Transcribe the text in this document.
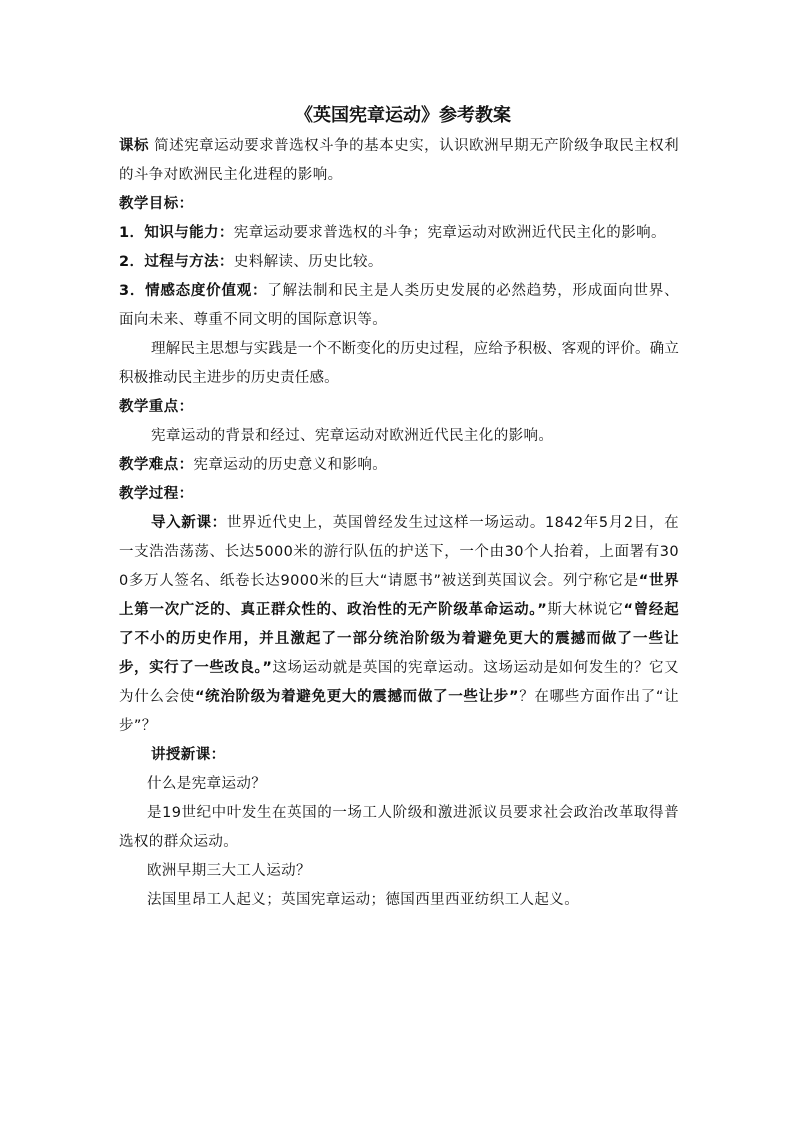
《英国宪章运动》参考教案

课标 简述宪章运动要求普选权斗争的基本史实，认识欧洲早期无产阶级争取民主权利的斗争对欧洲民主化进程的影响。

教学目标：

1．知识与能力：宪章运动要求普选权的斗争；宪章运动对欧洲近代民主化的影响。

2．过程与方法：史料解读、历史比较。

3．情感态度价值观：了解法制和民主是人类历史发展的必然趋势，形成面向世界、面向未来、尊重不同文明的国际意识等。

理解民主思想与实践是一个不断变化的历史过程，应给予积极、客观的评价。确立积极推动民主进步的历史责任感。

教学重点：

宪章运动的背景和经过、宪章运动对欧洲近代民主化的影响。

教学难点：宪章运动的历史意义和影响。

教学过程：

导入新课：世界近代史上，英国曾经发生过这样一场运动。1842年5月2日，在一支浩浩荡荡、长达5000米的游行队伍的护送下，一个由30个人抬着，上面署有300多万人签名、纸卷长达9000米的巨大“请愿书”被送到英国议会。列宁称它是“世界上第一次广泛的、真正群众性的、政治性的无产阶级革命运动。”斯大林说它“曾经起了不小的历史作用，并且激起了一部分统治阶级为着避免更大的震撼而做了一些让步，实行了一些改良。”这场运动就是英国的宪章运动。这场运动是如何发生的？它又为什么会使“统治阶级为着避免更大的震撼而做了一些让步”？在哪些方面作出了“让步”？

讲授新课：

什么是宪章运动？

是19世纪中叶发生在英国的一场工人阶级和激进派议员要求社会政治改革取得普选权的群众运动。

欧洲早期三大工人运动？

法国里昂工人起义；英国宪章运动；德国西里西亚纺织工人起义。
